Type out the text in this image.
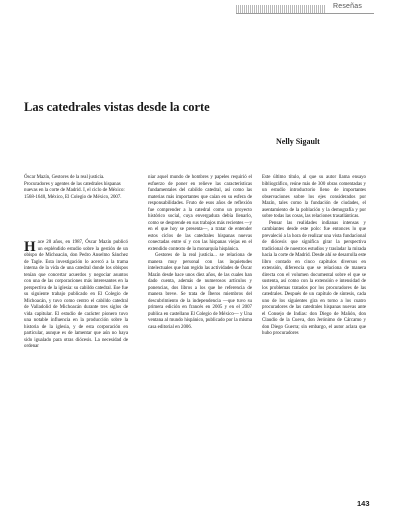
Reseñas
Las catedrales vistas desde la corte
Nelly Sigault
Óscar Mazín, Gestores de la real justicia. Procuradores y agentes de las catedrales hispanas nuevas en la corte de Madrid. I, el ciclo de México: 1568-1640, México, El Colegio de México, 2007.

Hace 20 años, en 1987, Óscar Mazín publicó un espléndido estudio sobre la gestión de un obispo de Michoacán, don Pedro Anselmo Sánchez de Tagle. Esta investigación lo acercó a la trama interna de la vida de una catedral donde los obispos tenían que concertar acuerdos y negociar asuntos con una de las corporaciones más interesantes en la perspectiva de la iglesia: su cabildo catedral. Ese fue su siguiente trabajo publicado en El Colegio de Michoacán, y tuvo como centro el cabildo catedral de Valladolid de Michoacán durante tres siglos de vida capitular. El estudio de carácter pionero tuvo una notable influencia en la producción sobre la historia de la iglesia, y de esta corporación en particular, aunque es de lamentar que aún no haya sido igualado para otras diócesis. La necesidad de ordenar

niar aquel mundo de hombres y papeles requirió el esfuerzo de poner en relieve las características fundamentales del cabildo catedral, así como las materias más importantes que caían en su esfera de responsabilidades. Fruto de esos años de reflexión fue comprender a la catedral como un proyecto histórico social, cuya envergadura debía llenarlo, como se desprende en sus trabajos más recientes —y en el que hoy se presenta—, a tratar de entender estos ciclos de las catedrales hispanas nuevas conectadas entre sí y con las hispanas viejas en el extendido contexto de la monarquía hispánica.

Gestores de la real justicia... se relaciona de manera muy personal con las inquietudes intelectuales que han regido las actividades de Óscar Mazín desde hace unos diez años, de las cuales han dado cuenta, además de numerosos artículos y ponencias, dos libros a los que he referencia de manera breve. Se trata de Íberos miembros del descubrimiento de la independencia —que tuvo su primera edición en francés en 2005 y en el 2007 publica en castellano El Colegio de México— y Una ventana al mundo hispánico, publicado por la misma casa editorial en 2006.

Este último título, al que su autor llama ensayo bibliográfico, reúne más de 300 obras comentadas y un estudio introductorio lleno de importantes observaciones sobre los ejes considerados por Mazín, tales como la fundación de ciudades, el asentamiento de la población y la demografía y por sobre todas las cosas, las relaciones trasatlánticas.

Pensar las realidades indianas intensas y cambiantes desde este polo: fue entonces lo que prevaleció a la hora de realizar una vista fundacional de diócesis que significa girar la perspectiva tradicional de nuestros estudios y trasladar la mirada hacia la corte de Madrid. Desde ahí se desarrolla este libro contado en cinco capítulos diversos en extensión, diferencia que se relaciona de manera directa con el volumen documental sobre el que se sustenta, así como con la extensión e intensidad de los problemas tratados por los procuradores de las catedrales. Después de un capítulo de síntesis, cada uno de los siguientes gira en torno a los cuatro procuradores de las catedrales hispanas nuevas ante el Consejo de Indias: don Diego de Mañón, don Claudio de la Cueva, don Jerónimo de Cárcamo y don Diego Guerra; sin embargo, el autor aclara que hubo procuradores

143
